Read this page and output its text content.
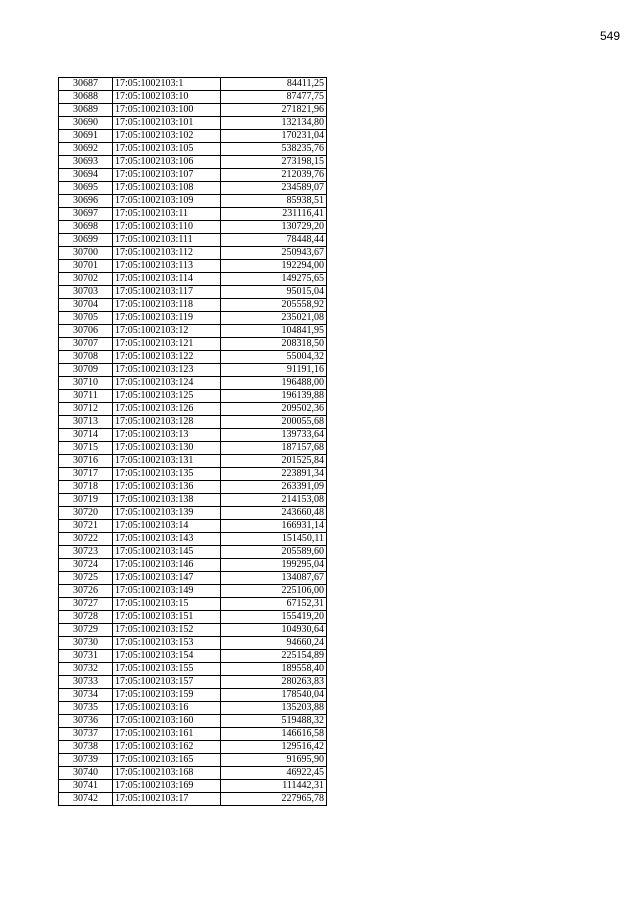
549
30687	17:05:1002103:1	84411,25
30688	17:05:1002103:10	87477,75
30689	17:05:1002103:100	271821,96
30690	17:05:1002103:101	132134,80
30691	17:05:1002103:102	170231,04
30692	17:05:1002103:105	538235,76
30693	17:05:1002103:106	273198,15
30694	17:05:1002103:107	212039,76
30695	17:05:1002103:108	234589,07
30696	17:05:1002103:109	85938,51
30697	17:05:1002103:11	231116,41
30698	17:05:1002103:110	130729,20
30699	17:05:1002103:111	78448,44
30700	17:05:1002103:112	250943,67
30701	17:05:1002103:113	192294,00
30702	17:05:1002103:114	149275,65
30703	17:05:1002103:117	95015,04
30704	17:05:1002103:118	205558,92
30705	17:05:1002103:119	235021,08
30706	17:05:1002103:12	104841,95
30707	17:05:1002103:121	208318,50
30708	17:05:1002103:122	55004,32
30709	17:05:1002103:123	91191,16
30710	17:05:1002103:124	196488,00
30711	17:05:1002103:125	196139,88
30712	17:05:1002103:126	209502,36
30713	17:05:1002103:128	200055,68
30714	17:05:1002103:13	139733,64
30715	17:05:1002103:130	187157,68
30716	17:05:1002103:131	201525,84
30717	17:05:1002103:135	223891,34
30718	17:05:1002103:136	263391,09
30719	17:05:1002103:138	214153,08
30720	17:05:1002103:139	243660,48
30721	17:05:1002103:14	166931,14
30722	17:05:1002103:143	151450,11
30723	17:05:1002103:145	205589,60
30724	17:05:1002103:146	199295,04
30725	17:05:1002103:147	134087,67
30726	17:05:1002103:149	225106,00
30727	17:05:1002103:15	67152,31
30728	17:05:1002103:151	155419,20
30729	17:05:1002103:152	104930,64
30730	17:05:1002103:153	94660,24
30731	17:05:1002103:154	225154,89
30732	17:05:1002103:155	189558,40
30733	17:05:1002103:157	280263,83
30734	17:05:1002103:159	178540,04
30735	17:05:1002103:16	135203,88
30736	17:05:1002103:160	519488,32
30737	17:05:1002103:161	146616,58
30738	17:05:1002103:162	129516,42
30739	17:05:1002103:165	91695,90
30740	17:05:1002103:168	46922,45
30741	17:05:1002103:169	111442,31
30742	17:05:1002103:17	227965,78
